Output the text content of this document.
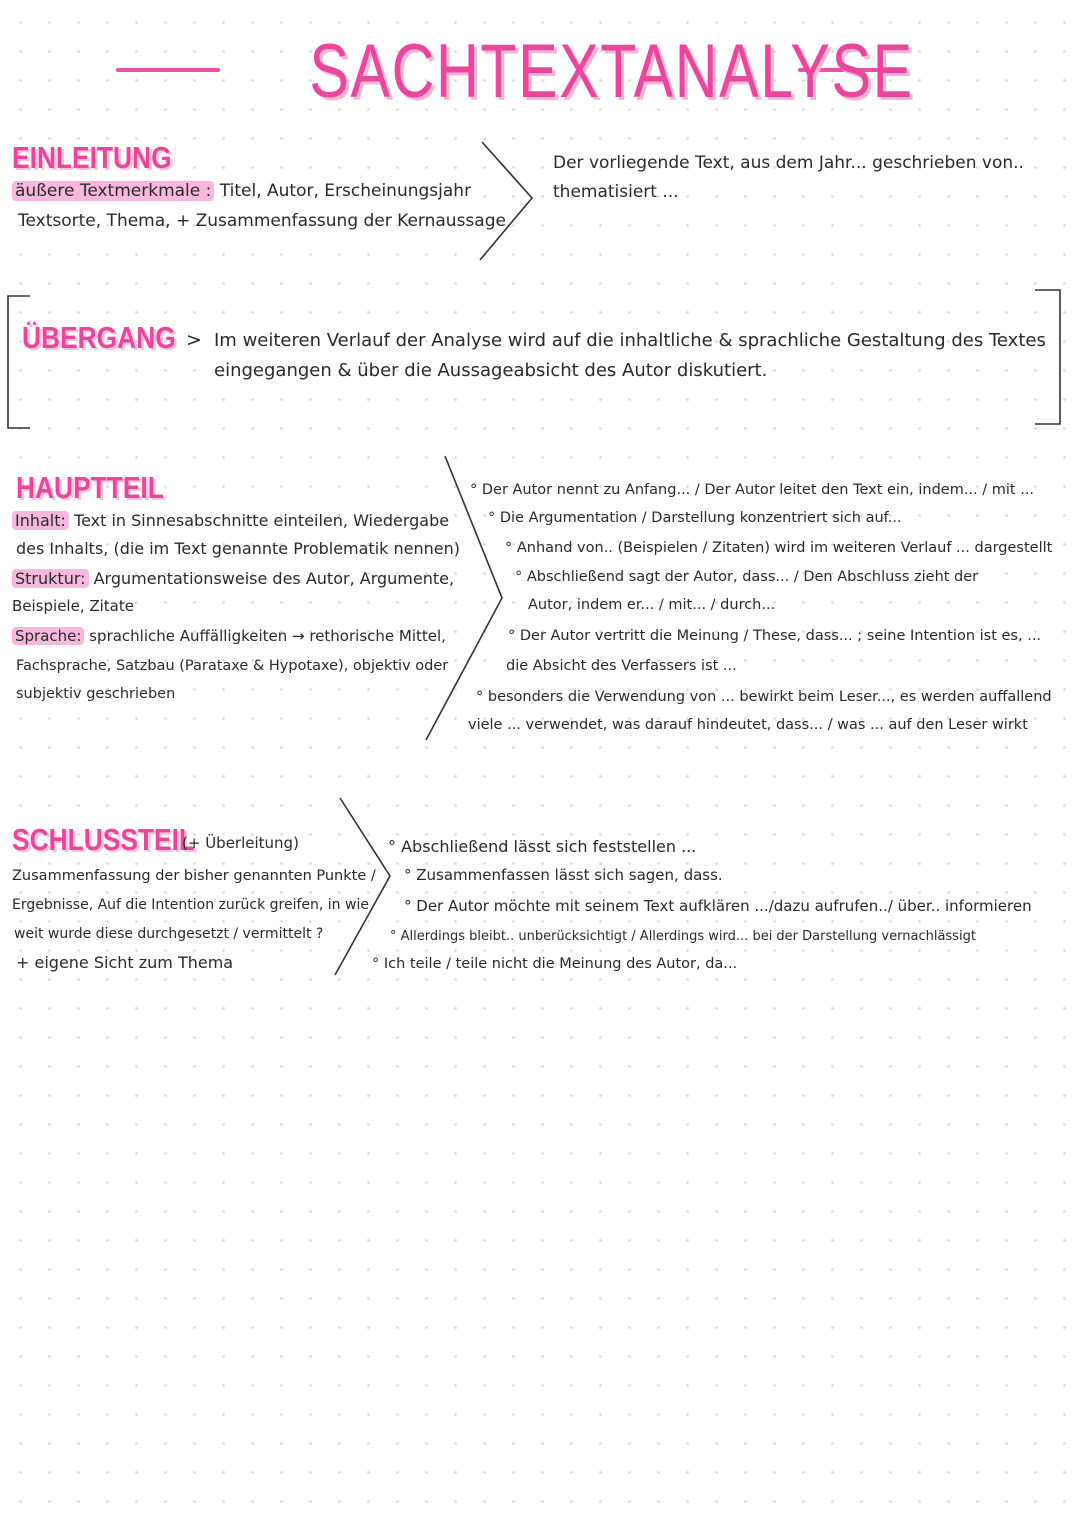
SACHTEXTANALYSE
EINLEITUNG
äußere Textmerkmale : Titel, Autor, Erscheinungsjahr
Textsorte, Thema, + Zusammenfassung der Kernaussage
Der vorliegende Text, aus dem Jahr... geschrieben von..
thematisiert ...
ÜBERGANG > Im weiteren Verlauf der Analyse wird auf die inhaltliche & sprachliche Gestaltung des Textes
eingegangen & über die Aussageabsicht des Autor diskutiert.
HAUPTTEIL
Inhalt: Text in Sinnesabschnitte einteilen, Wiedergabe
des Inhalts, (die im Text genannte Problematik nennen)
Struktur: Argumentationsweise des Autor, Argumente,
Beispiele, Zitate
Sprache: sprachliche Auffälligkeiten → rethorische Mittel,
Fachsprache, Satzbau (Parataxe & Hypotaxe), objektiv oder
subjektiv geschrieben
° Der Autor nennt zu Anfang... / Der Autor leitet den Text ein, indem... / mit ...
° Die Argumentation / Darstellung konzentriert sich auf...
° Anhand von.. (Beispielen / Zitaten) wird im weiteren Verlauf ... dargestellt
° Abschließend sagt der Autor, dass... / Den Abschluss zieht der
Autor, indem er... / mit... / durch...
° Der Autor vertritt die Meinung / These, dass... ; seine Intention ist es, ...
die Absicht des Verfassers ist ...
° besonders die Verwendung von ... bewirkt beim Leser..., es werden auffallend
viele ... verwendet, was darauf hindeutet, dass... / was ... auf den Leser wirkt
SCHLUSSTEIL
(+ Überleitung)
Zusammenfassung der bisher genannten Punkte /
Ergebnisse, Auf die Intention zurück greifen, in wie
weit wurde diese durchgesetzt / vermittelt ?
+ eigene Sicht zum Thema
° Abschließend lässt sich feststellen ...
° Zusammenfassen lässt sich sagen, dass.
° Der Autor möchte mit seinem Text aufklären .../dazu aufrufen../ über.. informieren
° Allerdings bleibt.. unberücksichtigt / Allerdings wird... bei der Darstellung vernachlässigt
° Ich teile / teile nicht die Meinung des Autor, da...
